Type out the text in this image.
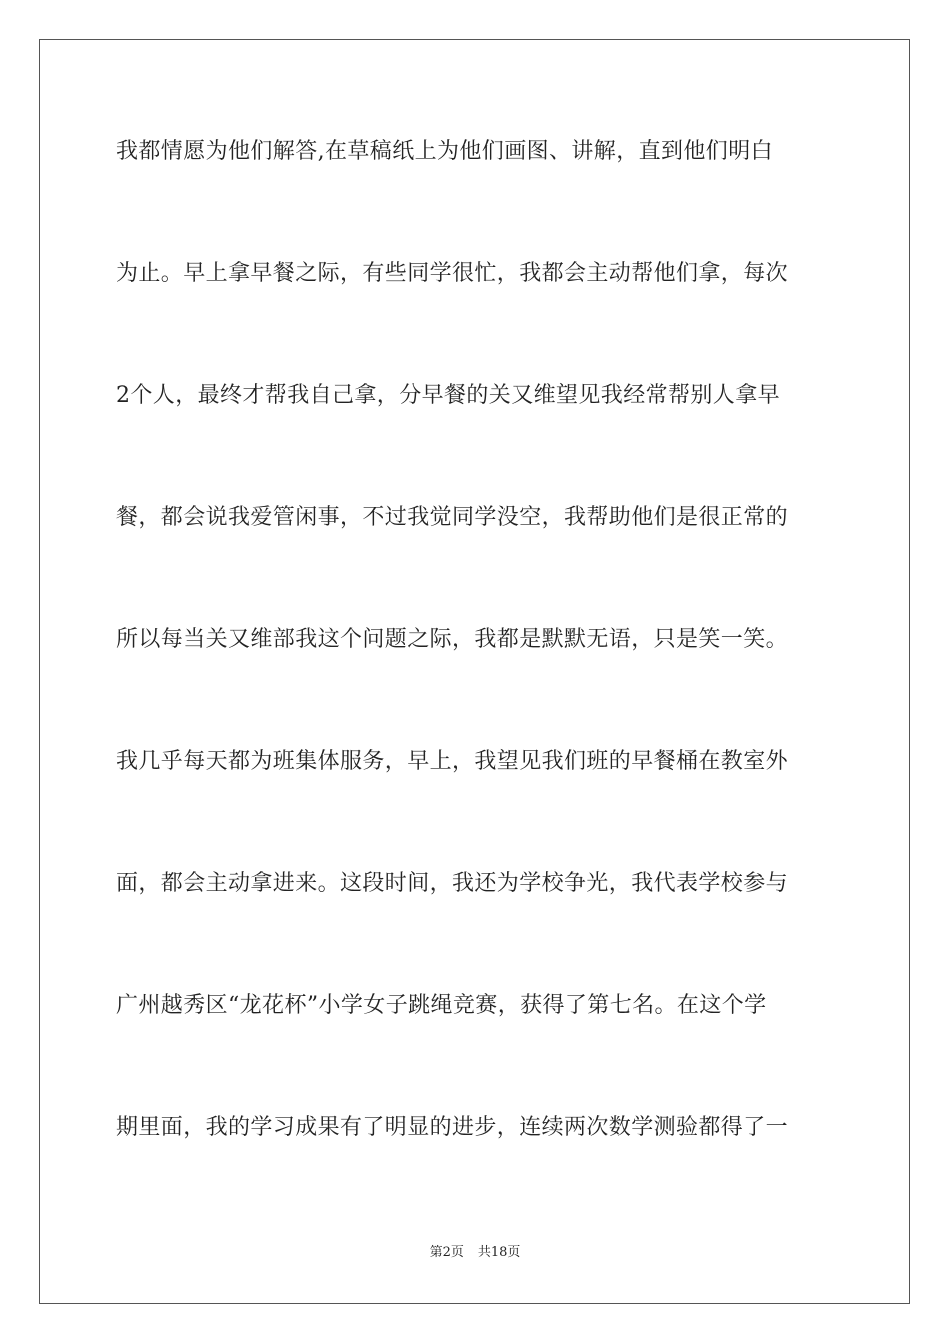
我都情愿为他们解答,在草稿纸上为他们画图、讲解，直到他们明白
为止。早上拿早餐之际，有些同学很忙，我都会主动帮他们拿，每次
2个人，最终才帮我自己拿，分早餐的关又维望见我经常帮别人拿早
餐，都会说我爱管闲事，不过我觉同学没空，我帮助他们是很正常的
所以每当关又维部我这个问题之际，我都是默默无语，只是笑一笑。
我几乎每天都为班集体服务，早上，我望见我们班的早餐桶在教室外
面，都会主动拿进来。这段时间，我还为学校争光，我代表学校参与
广州越秀区“龙花杯”小学女子跳绳竞赛，获得了第七名。在这个学
期里面，我的学习成果有了明显的进步，连续两次数学测验都得了一
第2页 共18页
